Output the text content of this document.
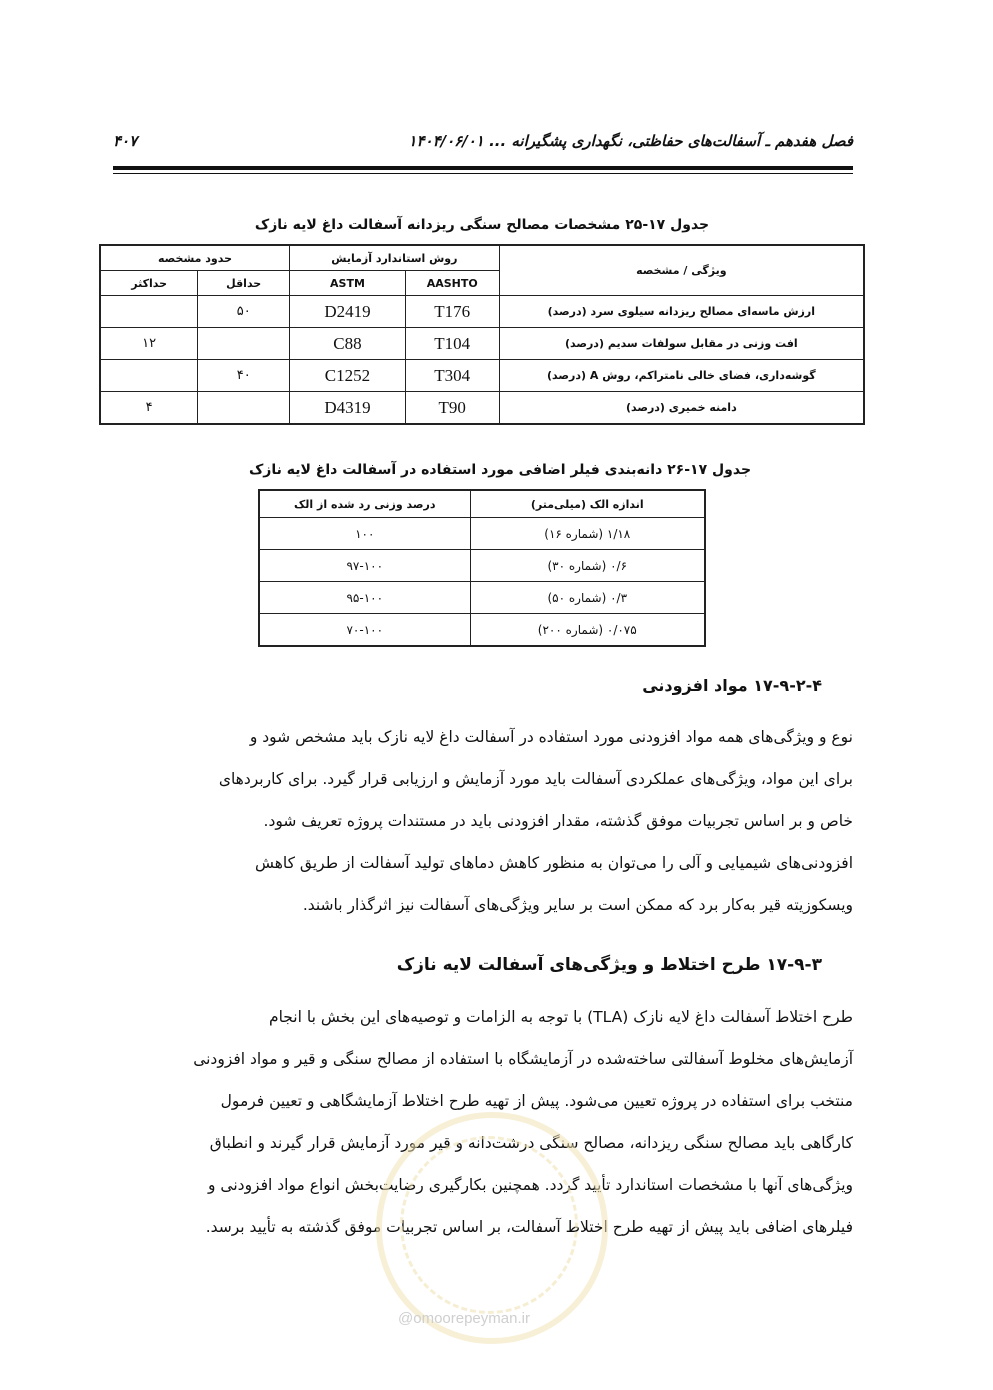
فصل هفدهم ـ آسفالت‌های حفاظتی، نگهداری پشگیرانه ... ۱۴۰۴/۰۶/۰۱
۴۰۷
جدول ۱۷-۲۵ مشخصات مصالح سنگی ریزدانه آسفالت داغ لایه نازک
ویژگی / مشخصه	روش استاندارد آزمایش		حدود مشخصه	
	AASHTO	ASTM	حداقل	حداکثر
ارزش ماسه‌ای مصالح ریزدانه سیلوی سرد (درصد)	T176	D2419	۵۰	
افت وزنی در مقابل سولفات سدیم (درصد)	T104	C88		۱۲
گوشه‌داری، فضای خالی نامتراکم، روش A (درصد)	T304	C1252	۴۰	
دامنه خمیری (درصد)	T90	D4319		۴
جدول ۱۷-۲۶ دانه‌بندی فیلر اضافی مورد استفاده در آسفالت داغ لایه نازک
اندازه الک (میلی‌متر)	درصد وزنی رد شده از الک
۱/۱۸ (شماره ۱۶)	۱۰۰
۰/۶ (شماره ۳۰)	۹۷-۱۰۰
۰/۳ (شماره ۵۰)	۹۵-۱۰۰
۰/۰۷۵ (شماره ۲۰۰)	۷۰-۱۰۰
۱۷-۹-۲-۴ مواد افزودنی
نوع و ویژگی‌های همه مواد افزودنی مورد استفاده در آسفالت داغ لایه نازک باید مشخص شود و
برای این مواد، ویژگی‌های عملکردی آسفالت باید مورد آزمایش و ارزیابی قرار گیرد. برای کاربردهای
خاص و بر اساس تجربیات موفق گذشته، مقدار افزودنی باید در مستندات پروژه تعریف شود.
افزودنی‌های شیمیایی و آلی را می‌توان به منظور کاهش دماهای تولید آسفالت از طریق کاهش
ویسکوزیته قیر به‌کار برد که ممکن است بر سایر ویژگی‌های آسفالت نیز اثرگذار باشند.
۱۷-۹-۳ طرح اختلاط و ویژگی‌های آسفالت لایه نازک
طرح اختلاط آسفالت داغ لایه نازک (TLA) با توجه به الزامات و توصیه‌های این بخش با انجام
آزمایش‌های مخلوط آسفالتی ساخته‌شده در آزمایشگاه با استفاده از مصالح سنگی و قیر و مواد افزودنی
منتخب برای استفاده در پروژه تعیین می‌شود. پیش از تهیه طرح اختلاط آزمایشگاهی و تعیین فرمول
کارگاهی باید مصالح سنگی ریزدانه، مصالح سنگی درشت‌دانه و قیر مورد آزمایش قرار گیرند و انطباق
ویژگی‌های آنها با مشخصات استاندارد تأیید گردد. همچنین بکارگیری رضایت‌بخش انواع مواد افزودنی و
فیلرهای اضافی باید پیش از تهیه طرح اختلاط آسفالت، بر اساس تجربیات موفق گذشته به تأیید برسد.
@omoorepeyman.ir
